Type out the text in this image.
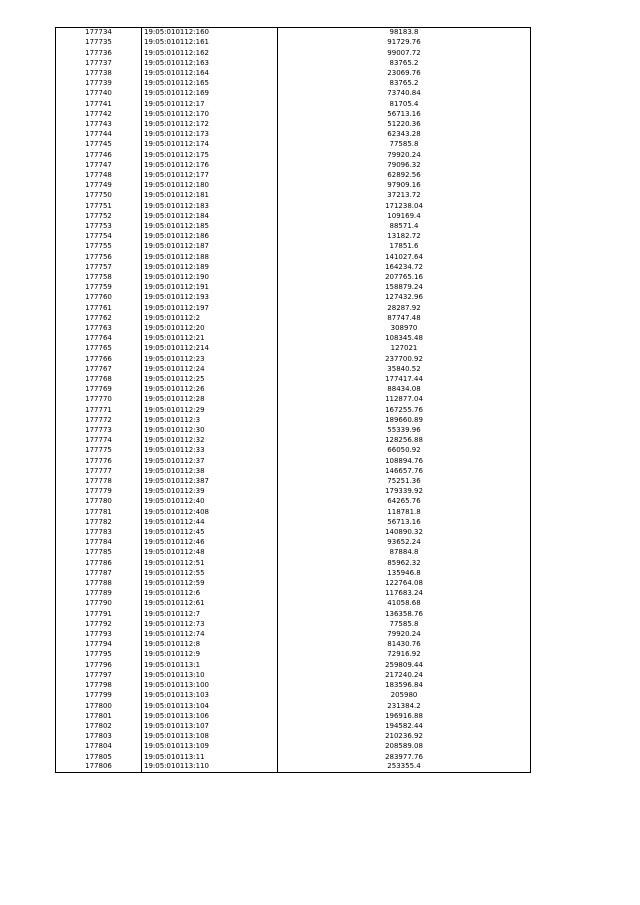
177734	19:05:010112:160	98183.8
177735	19:05:010112:161	91729.76
177736	19:05:010112:162	99007.72
177737	19:05:010112:163	83765.2
177738	19:05:010112:164	23069.76
177739	19:05:010112:165	83765.2
177740	19:05:010112:169	73740.84
177741	19:05:010112:17	81705.4
177742	19:05:010112:170	56713.16
177743	19:05:010112:172	51220.36
177744	19:05:010112:173	62343.28
177745	19:05:010112:174	77585.8
177746	19:05:010112:175	79920.24
177747	19:05:010112:176	79096.32
177748	19:05:010112:177	62892.56
177749	19:05:010112:180	97909.16
177750	19:05:010112:181	37213.72
177751	19:05:010112:183	171238.04
177752	19:05:010112:184	109169.4
177753	19:05:010112:185	88571.4
177754	19:05:010112:186	13182.72
177755	19:05:010112:187	17851.6
177756	19:05:010112:188	141027.64
177757	19:05:010112:189	164234.72
177758	19:05:010112:190	207765.16
177759	19:05:010112:191	158879.24
177760	19:05:010112:193	127432.96
177761	19:05:010112:197	28287.92
177762	19:05:010112:2	87747.48
177763	19:05:010112:20	308970
177764	19:05:010112:21	108345.48
177765	19:05:010112:214	127021
177766	19:05:010112:23	237700.92
177767	19:05:010112:24	35840.52
177768	19:05:010112:25	177417.44
177769	19:05:010112:26	88434.08
177770	19:05:010112:28	112877.04
177771	19:05:010112:29	167255.76
177772	19:05:010112:3	189660.89
177773	19:05:010112:30	55339.96
177774	19:05:010112:32	128256.88
177775	19:05:010112:33	66050.92
177776	19:05:010112:37	108894.76
177777	19:05:010112:38	146657.76
177778	19:05:010112:387	75251.36
177779	19:05:010112:39	179339.92
177780	19:05:010112:40	64265.76
177781	19:05:010112:408	118781.8
177782	19:05:010112:44	56713.16
177783	19:05:010112:45	140890.32
177784	19:05:010112:46	93652.24
177785	19:05:010112:48	87884.8
177786	19:05:010112:51	85962.32
177787	19:05:010112:55	135946.8
177788	19:05:010112:59	122764.08
177789	19:05:010112:6	117683.24
177790	19:05:010112:61	41058.68
177791	19:05:010112:7	136358.76
177792	19:05:010112:73	77585.8
177793	19:05:010112:74	79920.24
177794	19:05:010112:8	81430.76
177795	19:05:010112:9	72916.92
177796	19:05:010113:1	259809.44
177797	19:05:010113:10	217240.24
177798	19:05:010113:100	183596.84
177799	19:05:010113:103	205980
177800	19:05:010113:104	231384.2
177801	19:05:010113:106	196916.88
177802	19:05:010113:107	194582.44
177803	19:05:010113:108	210236.92
177804	19:05:010113:109	208589.08
177805	19:05:010113:11	283977.76
177806	19:05:010113:110	253355.4
